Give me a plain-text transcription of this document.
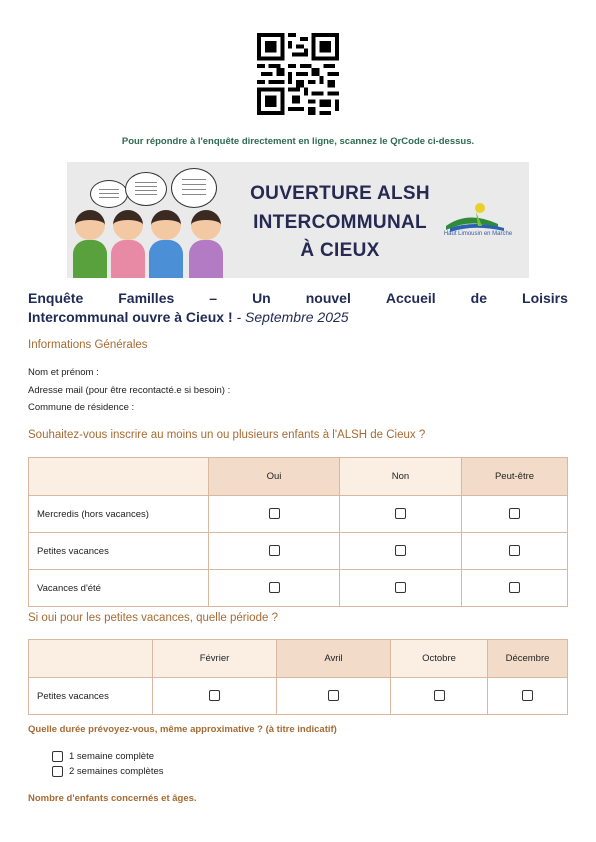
Pour répondre à l'enquête directement en ligne, scannez le QrCode ci-dessus.
OUVERTURE ALSH
INTERCOMMUNAL
À CIEUX
Haut Limousin en Marche
Enquête	Familles	–	Un	nouvel	Accueil	de	Loisirs
Intercommunal ouvre à Cieux ! - Septembre 2025
Informations Générales
Nom et prénom :
Adresse mail (pour être recontacté.e si besoin) :
Commune de résidence :
Souhaitez-vous inscrire au moins un ou plusieurs enfants à l'ALSH de Cieux ?
	Oui	Non	Peut-être
Mercredis (hors vacances)			
Petites vacances			
Vacances d'été			
Si oui pour les petites vacances, quelle période ?
	Février	Avril	Octobre	Décembre
Petites vacances				
Quelle durée prévoyez-vous, même approximative ? (à titre indicatif)
1 semaine complète
2 semaines complètes
Nombre d'enfants concernés et âges.
